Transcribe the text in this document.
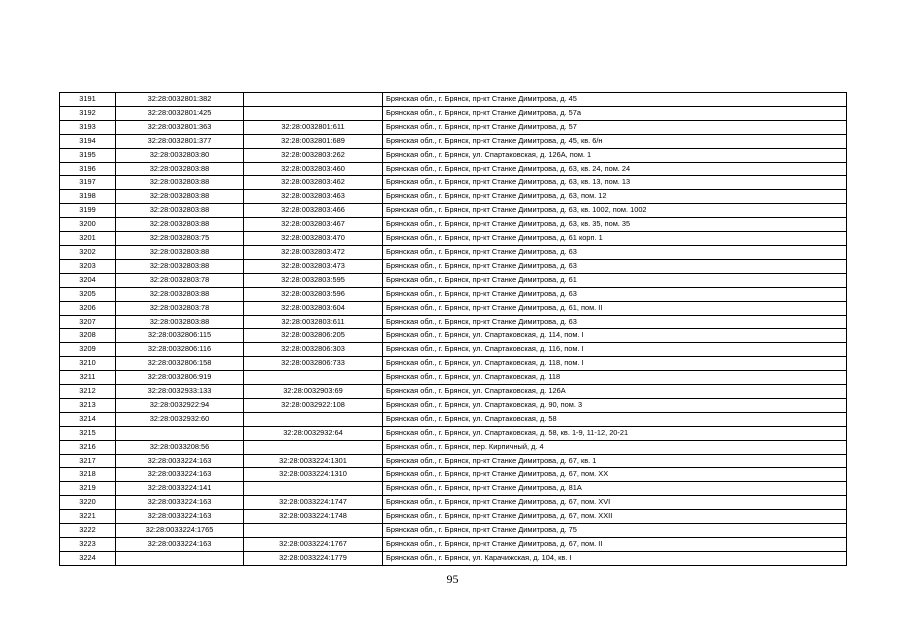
3191	32:28:0032801:382		Брянская обл., г. Брянск, пр-кт Станке Димитрова, д. 45
3192	32:28:0032801:425		Брянская обл., г. Брянск, пр-кт Станке Димитрова, д. 57а
3193	32:28:0032801:363	32:28:0032801:611	Брянская обл., г. Брянск, пр-кт Станке Димитрова, д. 57
3194	32:28:0032801:377	32:28:0032801:689	Брянская обл., г. Брянск, пр-кт Станке Димитрова, д. 45, кв. 6/н
3195	32:28:0032803:80	32:28:0032803:262	Брянская обл., г. Брянск, ул. Спартаковская, д. 126А, пом. 1
3196	32:28:0032803:88	32:28:0032803:460	Брянская обл., г. Брянск, пр-кт Станке Димитрова, д. 63, кв. 24, пом. 24
3197	32:28:0032803:88	32:28:0032803:462	Брянская обл., г. Брянск, пр-кт Станке Димитрова, д. 63, кв. 13, пом. 13
3198	32:28:0032803:88	32:28:0032803:463	Брянская обл., г. Брянск, пр-кт Станке Димитрова, д. 63, пом. 12
3199	32:28:0032803:88	32:28:0032803:466	Брянская обл., г. Брянск, пр-кт Станке Димитрова, д. 63, кв. 1002, пом. 1002
3200	32:28:0032803:88	32:28:0032803:467	Брянская обл., г. Брянск, пр-кт Станке Димитрова, д. 63, кв. 35, пом. 35
3201	32:28:0032803:75	32:28:0032803:470	Брянская обл., г. Брянск, пр-кт Станке Димитрова, д. 61 корп. 1
3202	32:28:0032803:88	32:28:0032803:472	Брянская обл., г. Брянск, пр-кт Станке Димитрова, д. 63
3203	32:28:0032803:88	32:28:0032803:473	Брянская обл., г. Брянск, пр-кт Станке Димитрова, д. 63
3204	32:28:0032803:78	32:28:0032803:595	Брянская обл., г. Брянск, пр-кт Станке Димитрова, д. 61
3205	32:28:0032803:88	32:28:0032803:596	Брянская обл., г. Брянск, пр-кт Станке Димитрова, д. 63
3206	32:28:0032803:78	32:28:0032803:604	Брянская обл., г. Брянск, пр-кт Станке Димитрова, д. 61, пом. II
3207	32:28:0032803:88	32:28:0032803:611	Брянская обл., г. Брянск, пр-кт Станке Димитрова, д. 63
3208	32:28:0032806:115	32:28:0032806:205	Брянская обл., г. Брянск, ул. Спартаковская, д. 114, пом. I
3209	32:28:0032806:116	32:28:0032806:303	Брянская обл., г. Брянск, ул. Спартаковская, д. 116, пом. I
3210	32:28:0032806:158	32:28:0032806:733	Брянская обл., г. Брянск, ул. Спартаковская, д. 118, пом. I
3211	32:28:0032806:919		Брянская обл., г. Брянск, ул. Спартаковская, д. 118
3212	32:28:0032933:133	32:28:0032903:69	Брянская обл., г. Брянск, ул. Спартаковская, д. 126А
3213	32:28:0032922:94	32:28:0032922:108	Брянская обл., г. Брянск, ул. Спартаковская, д. 90, пом. 3
3214	32:28:0032932:60		Брянская обл., г. Брянск, ул. Спартаковская, д. 58
3215		32:28:0032932:64	Брянская обл., г. Брянск, ул. Спартаковская, д. 58, кв. 1-9, 11-12, 20-21
3216	32:28:0033208:56		Брянская обл., г. Брянск, пер. Кирпичный, д. 4
3217	32:28:0033224:163	32:28:0033224:1301	Брянская обл., г. Брянск, пр-кт Станке Димитрова, д. 67, кв. 1
3218	32:28:0033224:163	32:28:0033224:1310	Брянская обл., г. Брянск, пр-кт Станке Димитрова, д. 67, пом. XX
3219	32:28:0033224:141		Брянская обл., г. Брянск, пр-кт Станке Димитрова, д. 81А
3220	32:28:0033224:163	32:28:0033224:1747	Брянская обл., г. Брянск, пр-кт Станке Димитрова, д. 67, пом. XVI
3221	32:28:0033224:163	32:28:0033224:1748	Брянская обл., г. Брянск, пр-кт Станке Димитрова, д. 67, пом. XXII
3222	32:28:0033224:1765		Брянская обл., г. Брянск, пр-кт Станке Димитрова, д. 75
3223	32:28:0033224:163	32:28:0033224:1767	Брянская обл., г. Брянск, пр-кт Станке Димитрова, д. 67, пом. II
3224		32:28:0033224:1779	Брянская обл., г. Брянск, ул. Карачижская, д. 104, кв. I
95
